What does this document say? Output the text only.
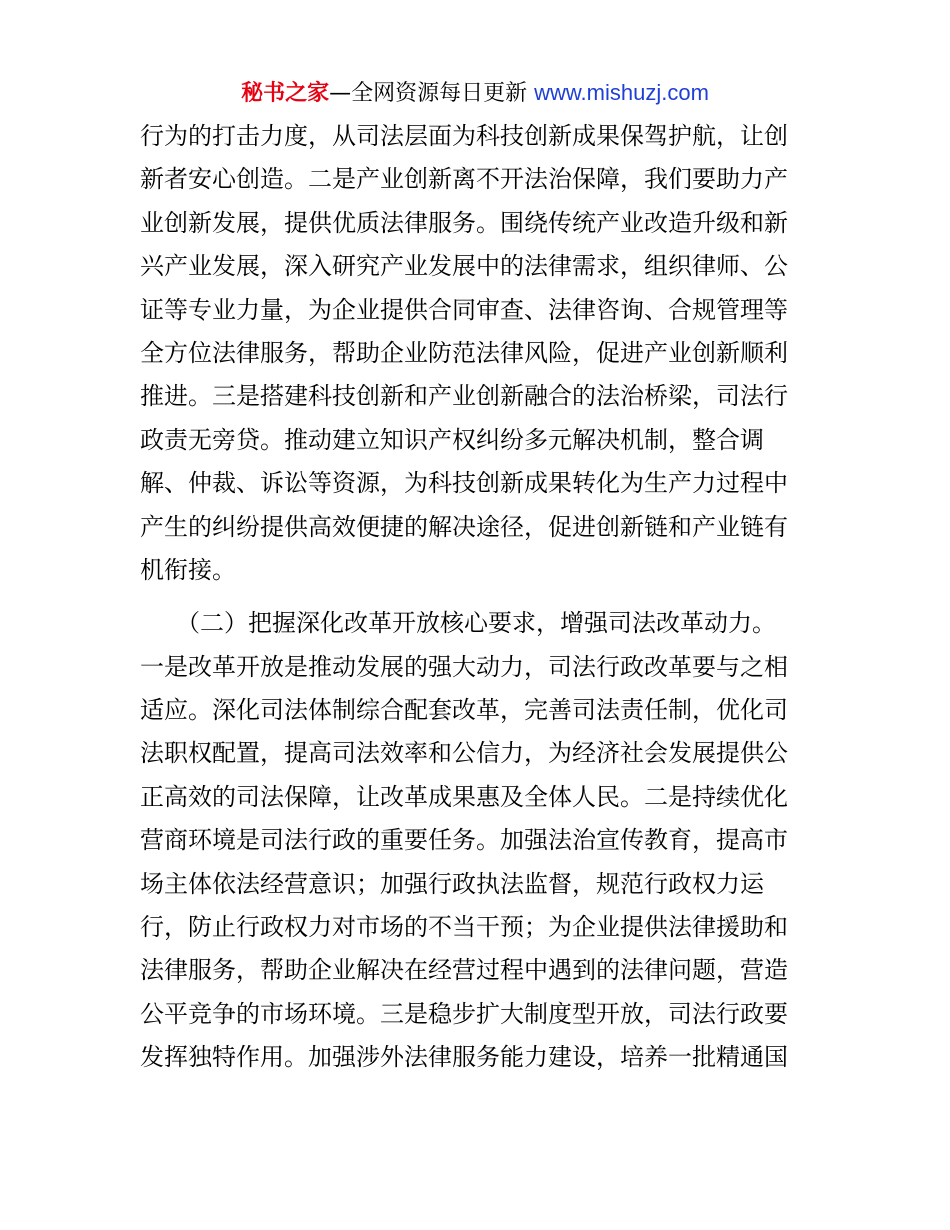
秘书之家—全网资源每日更新 www.mishuzj.com
行为的打击力度，从司法层面为科技创新成果保驾护航，让创
新者安心创造。二是产业创新离不开法治保障，我们要助力产
业创新发展，提供优质法律服务。围绕传统产业改造升级和新
兴产业发展，深入研究产业发展中的法律需求，组织律师、公
证等专业力量，为企业提供合同审查、法律咨询、合规管理等
全方位法律服务，帮助企业防范法律风险，促进产业创新顺利
推进。三是搭建科技创新和产业创新融合的法治桥梁，司法行
政责无旁贷。推动建立知识产权纠纷多元解决机制，整合调
解、仲裁、诉讼等资源，为科技创新成果转化为生产力过程中
产生的纠纷提供高效便捷的解决途径，促进创新链和产业链有
机衔接。
　　（二）把握深化改革开放核心要求，增强司法改革动力。
一是改革开放是推动发展的强大动力，司法行政改革要与之相
适应。深化司法体制综合配套改革，完善司法责任制，优化司
法职权配置，提高司法效率和公信力，为经济社会发展提供公
正高效的司法保障，让改革成果惠及全体人民。二是持续优化
营商环境是司法行政的重要任务。加强法治宣传教育，提高市
场主体依法经营意识；加强行政执法监督，规范行政权力运
行，防止行政权力对市场的不当干预；为企业提供法律援助和
法律服务，帮助企业解决在经营过程中遇到的法律问题，营造
公平竞争的市场环境。三是稳步扩大制度型开放，司法行政要
发挥独特作用。加强涉外法律服务能力建设，培养一批精通国
